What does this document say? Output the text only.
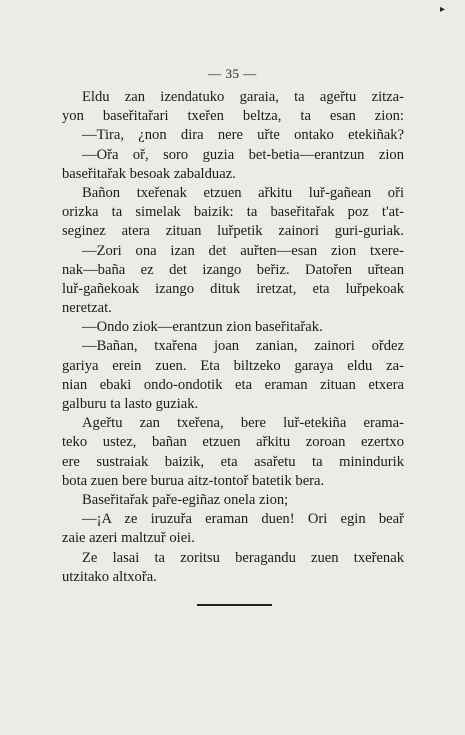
▸
— 35 —
Eldu zan izendatuko garaia, ta ageřtu zitza-
yon baseřitařari txeřen beltza, ta esan zion:
—Tira, ¿non dira nere uřte ontako etekiñak?
—Ořa oř, soro guzia bet-betia—erantzun zion
baseřitařak besoak zabalduaz.
Bañon txeřenak etzuen ařkitu luř-gañean oři
orizka ta simelak baizik: ta baseřitařak poz t'at-
seginez atera zituan luřpetik zainori guri-guriak.
—Zori ona izan det auřten—esan zion txere-
nak—baña ez det izango beřiz. Datořen uřtean
luř-gañekoak izango dituk iretzat, eta luřpekoak
neretzat.
—Ondo ziok—erantzun zion baseřitařak.
—Bañan, txařena joan zanian, zainori ořdez
gariya erein zuen. Eta biltzeko garaya eldu za-
nian ebaki ondo-ondotik eta eraman zituan etxera
galburu ta lasto guziak.
Ageřtu zan txeřena, bere luř-etekiña erama-
teko ustez, bañan etzuen ařkitu zoroan ezertxo
ere sustraiak baizik, eta asařetu ta minindurik
bota zuen bere burua aitz-tontoř batetik bera.
Baseřitařak paře-egiñaz onela zion;
—¡A ze iruzuřa eraman duen! Ori egin beař
zaie azeri maltzuř oiei.
Ze lasai ta zoritsu beragandu zuen txeřenak
utzitako altxořa.
